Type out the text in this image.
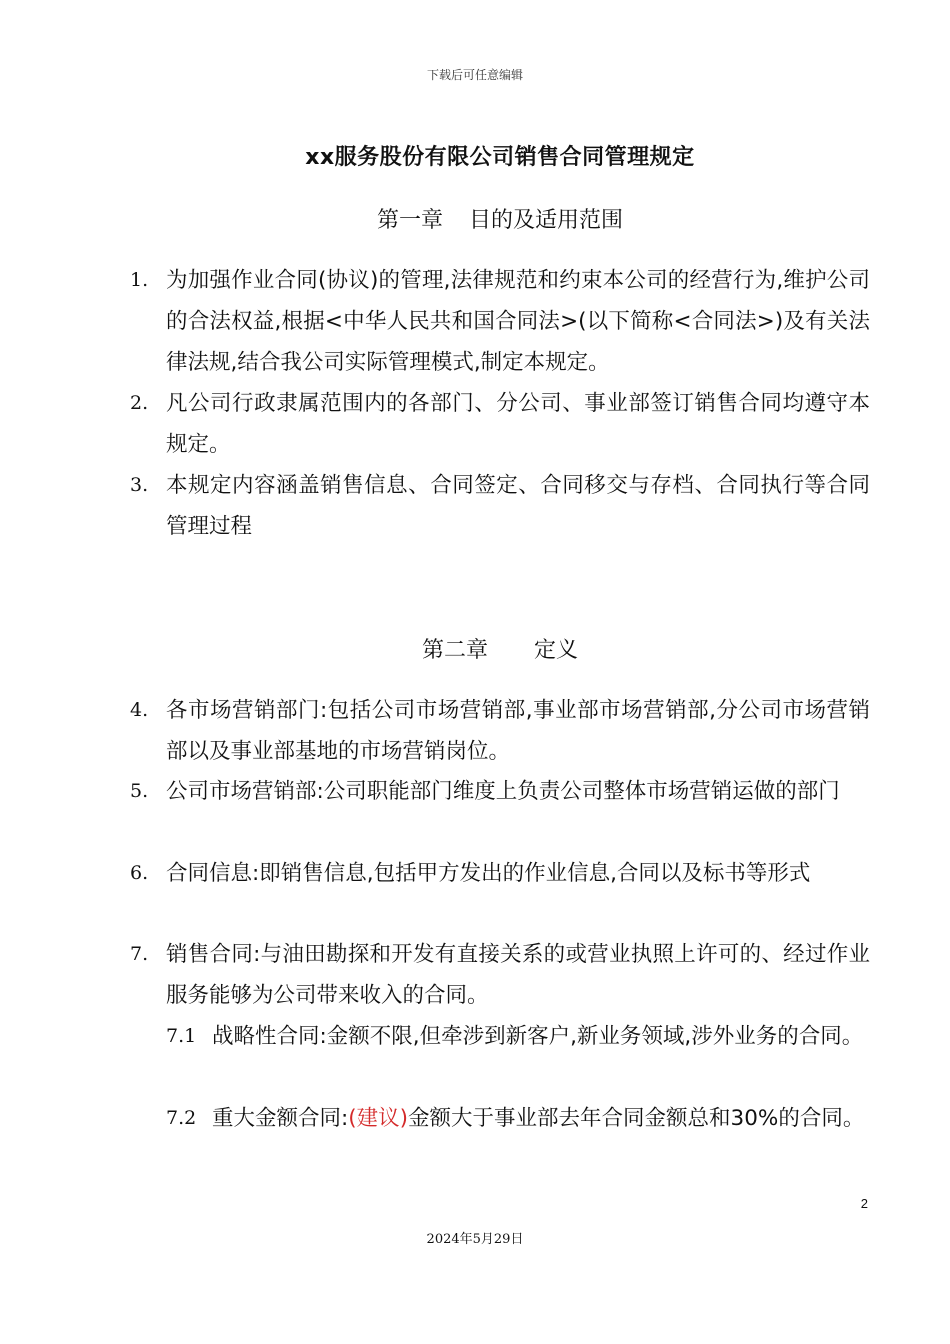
下载后可任意编辑
xx服务股份有限公司销售合同管理规定
第一章 目的及适用范围
1. 为加强作业合同(协议)的管理,法律规范和约束本公司的经营行为,维护公司的合法权益,根据<中华人民共和国合同法>(以下简称<合同法>)及有关法律法规,结合我公司实际管理模式,制定本规定。
2. 凡公司行政隶属范围内的各部门、分公司、事业部签订销售合同均遵守本规定。
3. 本规定内容涵盖销售信息、合同签定、合同移交与存档、合同执行等合同管理过程
第二章 定义
4. 各市场营销部门:包括公司市场营销部,事业部市场营销部,分公司市场营销部以及事业部基地的市场营销岗位。
5. 公司市场营销部:公司职能部门维度上负责公司整体市场营销运做的部门
6. 合同信息:即销售信息,包括甲方发出的作业信息,合同以及标书等形式
7. 销售合同:与油田勘探和开发有直接关系的或营业执照上许可的、经过作业服务能够为公司带来收入的合同。
7.1 战略性合同:金额不限,但牵涉到新客户,新业务领域,涉外业务的合同。
7.2 重大金额合同:(建议)金额大于事业部去年合同金额总和30%的合同。
2
2024年5月29日
